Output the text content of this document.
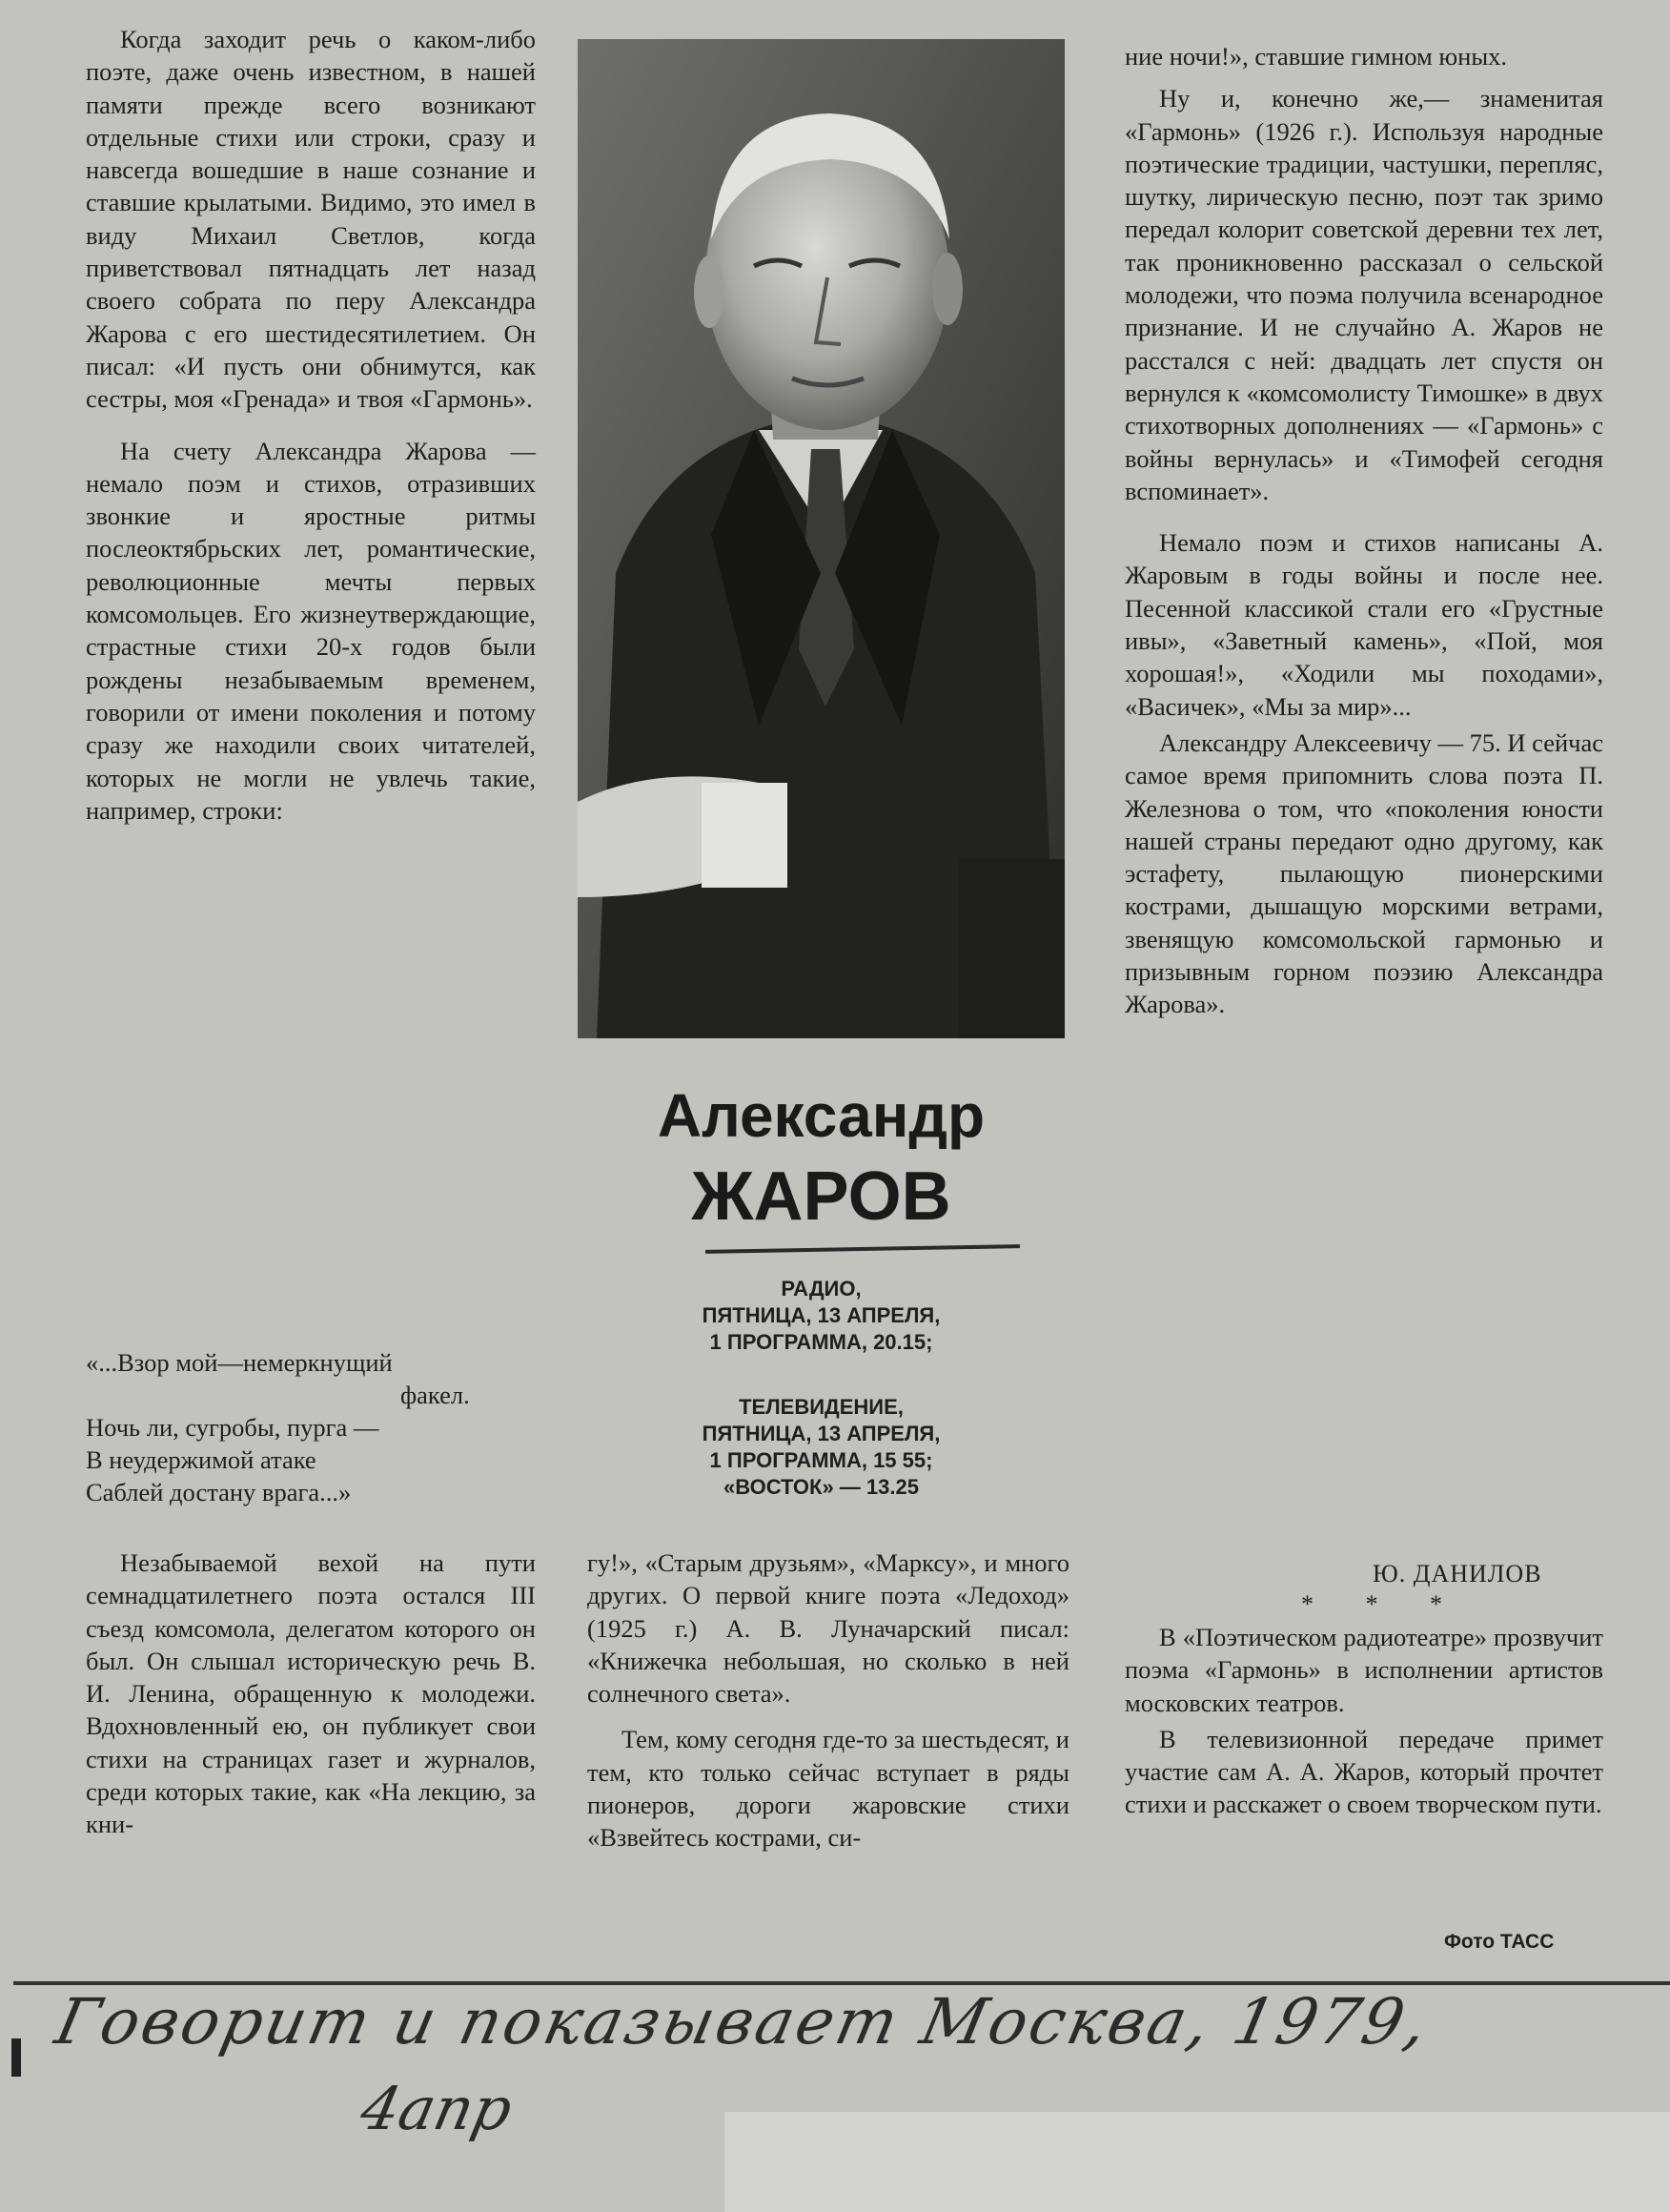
Когда заходит речь о каком-либо поэте, даже очень известном, в нашей памяти прежде всего возникают отдельные стихи или строки, сразу и навсегда вошедшие в наше сознание и ставшие крылатыми. Видимо, это имел в виду Михаил Светлов, когда приветствовал пятнадцать лет назад своего собрата по перу Александра Жарова с его шестидесятилетием. Он писал: «И пусть они обнимутся, как сестры, моя «Гренада» и твоя «Гармонь».

На счету Александра Жарова — немало поэм и стихов, отразивших звонкие и яростные ритмы послеоктябрьских лет, романтические, революционные мечты первых комсомольцев. Его жизнеутверждающие, страстные стихи 20-х годов были рождены незабываемым временем, говорили от имени поколения и потому сразу же находили своих читателей, которых не могли не увлечь такие, например, строки:

«...Взор мой—немеркнущий
факел.
Ночь ли, сугробы, пурга —
В неудержимой атаке
Саблей достану врага...»

Незабываемой вехой на пути семнадцатилетнего поэта остался III съезд комсомола, делегатом которого он был. Он слышал историческую речь В. И. Ленина, обращенную к молодежи. Вдохновленный ею, он публикует свои стихи на страницах газет и журналов, среди которых такие, как «На лекцию, за кни-

Александр
ЖАРОВ
РАДИО,
ПЯТНИЦА, 13 АПРЕЛЯ,
1 ПРОГРАММА, 20.15;
ТЕЛЕВИДЕНИЕ,
ПЯТНИЦА, 13 АПРЕЛЯ,
1 ПРОГРАММА, 15 55;
«ВОСТОК» — 13.25

гу!», «Старым друзьям», «Марксу», и много других. О первой книге поэта «Ледоход» (1925 г.) А. В. Луначарский писал: «Книжечка небольшая, но сколько в ней солнечного света».

Тем, кому сегодня где-то за шестьдесят, и тем, кто только сейчас вступает в ряды пионеров, дороги жаровские стихи «Взвейтесь кострами, си-

ние ночи!», ставшие гимном юных.

Ну и, конечно же,— знаменитая «Гармонь» (1926 г.). Используя народные поэтические традиции, частушки, перепляс, шутку, лирическую песню, поэт так зримо передал колорит советской деревни тех лет, так проникновенно рассказал о сельской молодежи, что поэма получила всенародное признание. И не случайно А. Жаров не расстался с ней: двадцать лет спустя он вернулся к «комсомолисту Тимошке» в двух стихотворных дополнениях — «Гармонь» с войны вернулась» и «Тимофей сегодня вспоминает».

Немало поэм и стихов написаны А. Жаровым в годы войны и после нее. Песенной классикой стали его «Грустные ивы», «Заветный камень», «Пой, моя хорошая!», «Ходили мы походами», «Васичек», «Мы за мир»...

Александру Алексеевичу — 75. И сейчас самое время припомнить слова поэта П. Железнова о том, что «поколения юности нашей страны передают одно другому, как эстафету, пылающую пионерскими кострами, дышащую морскими ветрами, звенящую комсомольской гармонью и призывным горном поэзию Александра Жарова».

Ю. ДАНИЛОВ
* * *

В «Поэтическом радиотеатре» прозвучит поэма «Гармонь» в исполнении артистов московских театров.

В телевизионной передаче примет участие сам А. А. Жаров, который прочтет стихи и расскажет о своем творческом пути.

Фото ТАСС
Говорит и показывает Москва, 1979,
4апр
